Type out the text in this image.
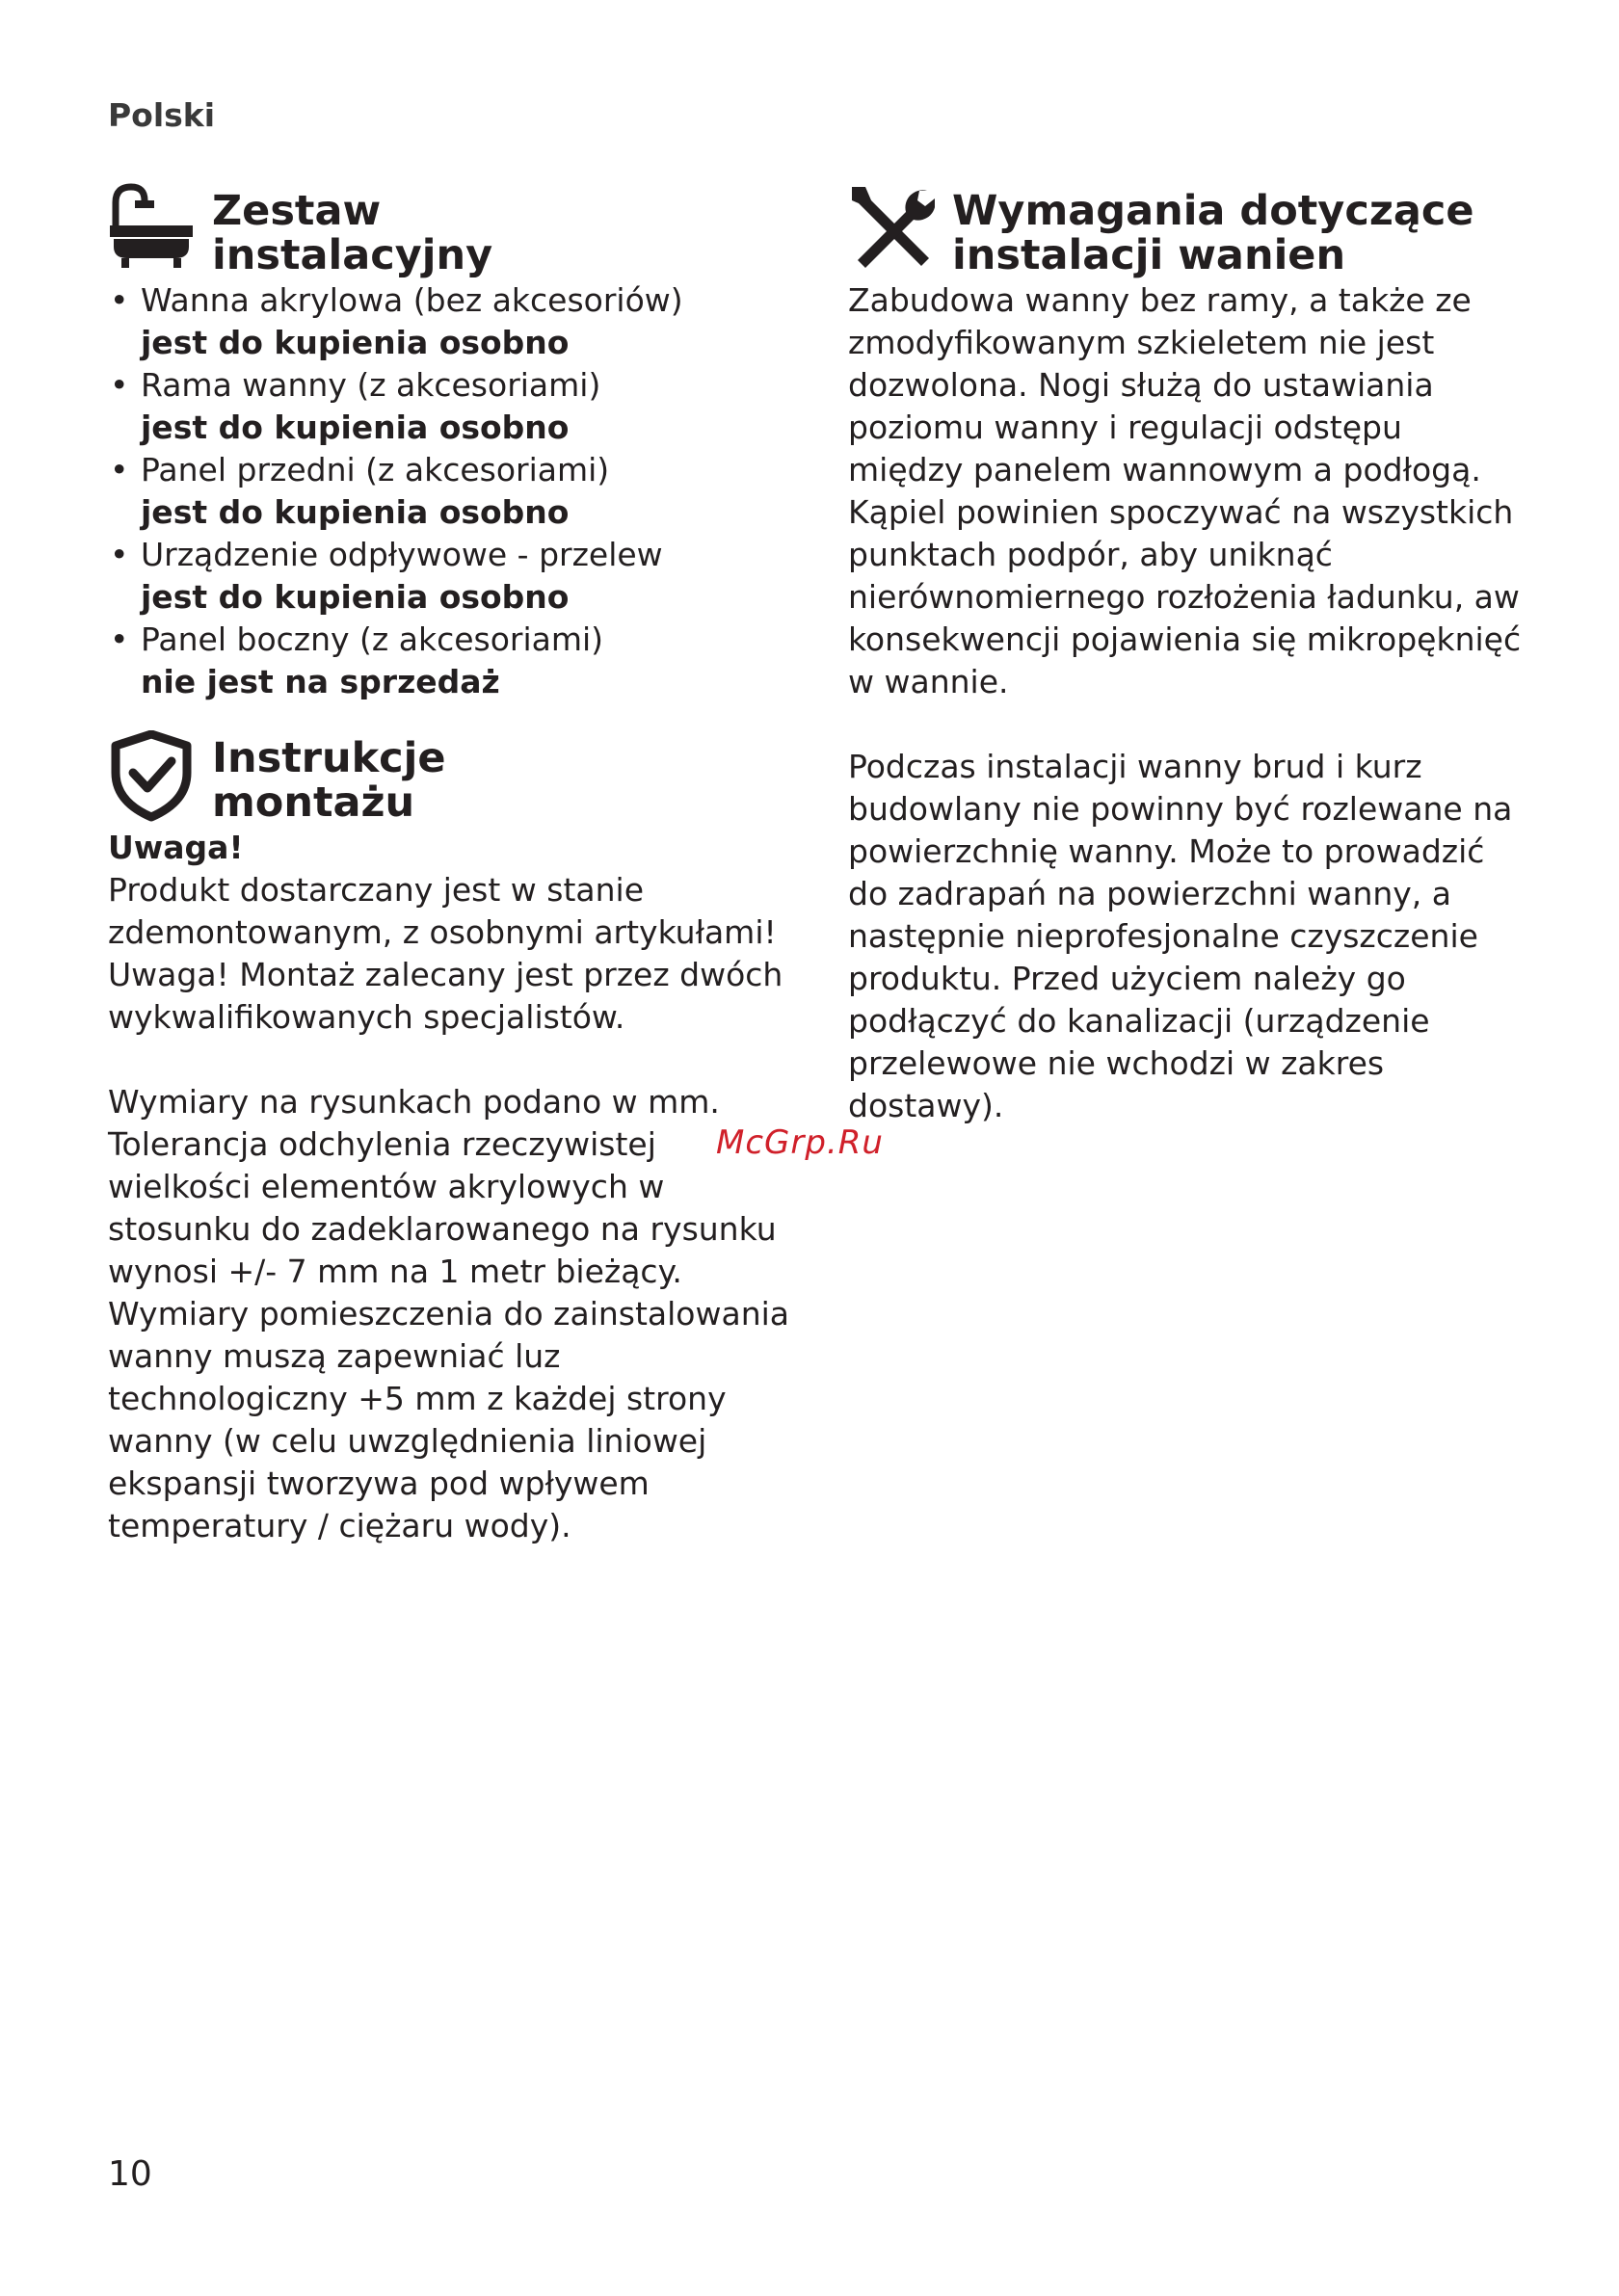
Polski
Zestaw
instalacyjny
• Wanna akrylowa (bez akcesoriów)
jest do kupienia osobno
• Rama wanny (z akcesoriami)
jest do kupienia osobno
• Panel przedni (z akcesoriami)
jest do kupienia osobno
• Urządzenie odpływowe - przelew
jest do kupienia osobno
• Panel boczny (z akcesoriami)
nie jest na sprzedaż
Instrukcje
montażu

Uwaga!

Produkt dostarczany jest w stanie zdemontowanym, z osobnymi artykułami! Uwaga! Montaż zalecany jest przez dwóch wykwalifikowanych specjalistów.

Wymiary na rysunkach podano w mm. Tolerancja odchylenia rzeczywistej wielkości elementów akrylowych w stosunku do zadeklarowanego na rysunku wynosi +/- 7 mm na 1 metr bieżący.

Wymiary pomieszczenia do zainstalowania wanny muszą zapewniać luz technologiczny +5 mm z każdej strony wanny (w celu uwzględnienia liniowej ekspansji tworzywa pod wpływem temperatury / ciężaru wody).

Wymagania dotyczące
instalacji wanien

Zabudowa wanny bez ramy, a także ze zmodyfikowanym szkieletem nie jest dozwolona. Nogi służą do ustawiania poziomu wanny i regulacji odstępu między panelem wannowym a podłogą. Kąpiel powinien spoczywać na wszystkich punktach podpór, aby uniknąć nierównomiernego rozłożenia ładunku, aw konsekwencji pojawienia się mikropęknięć w wannie.

Podczas instalacji wanny brud i kurz budowlany nie powinny być rozlewane na powierzchnię wanny. Może to prowadzić do zadrapań na powierzchni wanny, a następnie nieprofesjonalne czyszczenie produktu. Przed użyciem należy go podłączyć do kanalizacji (urządzenie przelewowe nie wchodzi w zakres dostawy).

McGrp.Ru
10
